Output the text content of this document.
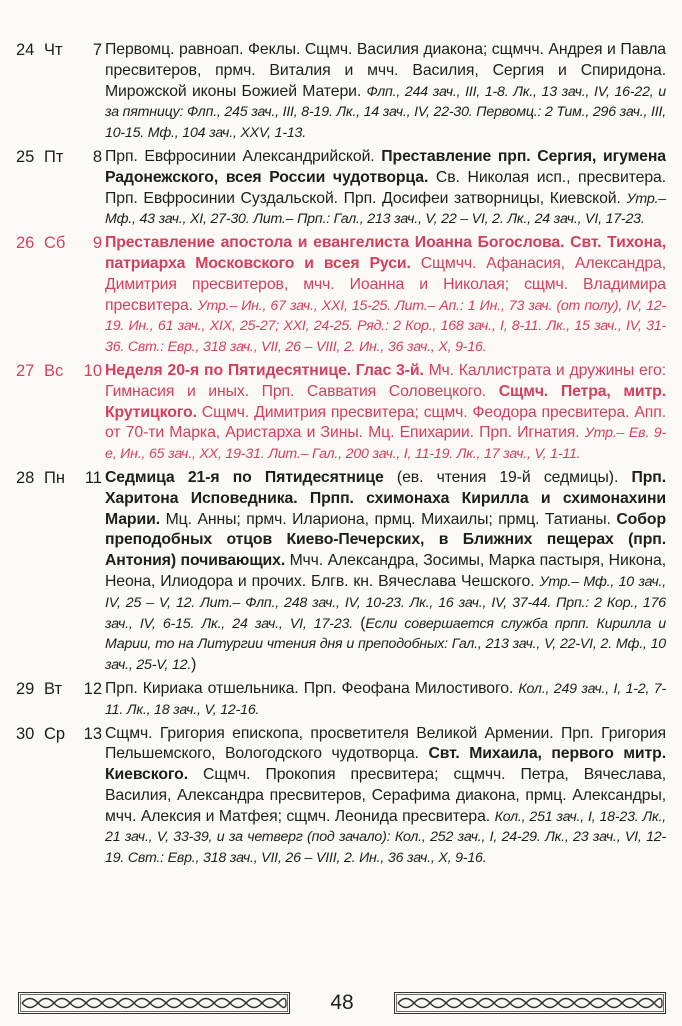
24 Чт	7 Первомц. равноап. Феклы. Сщмч. Василия диакона; сщмчч. Андрея и Павла пресвитеров, прмч. Виталия и мчч. Василия, Сергия и Спиридона. Мирожской иконы Божией Матери. Флп., 244 зач., III, 1-8. Лк., 13 зач., IV, 16-22, и за пятницу: Флп., 245 зач., III, 8-19. Лк., 14 зач., IV, 22-30. Первомц.: 2 Тим., 296 зач., III, 10-15. Мф., 104 зач., XXV, 1-13.
25 Пт	8 Прп. Евфросинии Александрийской. Преставление прп. Сергия, игумена Радонежского, всея России чудотворца. Св. Николая исп., пресвитера. Прп. Евфросинии Суздальской. Прп. Досифеи затворницы, Киевской. Утр.– Мф., 43 зач., XI, 27-30. Лит.– Прп.: Гал., 213 зач., V, 22 – VI, 2. Лк., 24 зач., VI, 17-23.
26 Сб	9 Преставление апостола и евангелиста Иоанна Богослова. Свт. Тихона, патриарха Московского и всея Руси. Сщмчч. Афанасия, Александра, Димитрия пресвитеров, мчч. Иоанна и Николая; сщмч. Владимира пресвитера. Утр.– Ин., 67 зач., XXI, 15-25. Лит.– Ап.: 1 Ин., 73 зач. (от полу), IV, 12-19. Ин., 61 зач., XIX, 25-27; XXI, 24-25. Ряд.: 2 Кор., 168 зач., I, 8-11. Лк., 15 зач., IV, 31-36. Свт.: Евр., 318 зач., VII, 26 – VIII, 2. Ин., 36 зач., X, 9-16.
27 Вс	10 Неделя 20-я по Пятидесятнице. Глас 3-й. Мч. Каллистрата и дружины его: Гимнасия и иных. Прп. Савватия Соловецкого. Сщмч. Петра, митр. Крутицкого. Сщмч. Димитрия пресвитера; сщмч. Феодора пресвитера. Апп. от 70-ти Марка, Аристарха и Зины. Мц. Епихарии. Прп. Игнатия. Утр.– Ев. 9-е, Ин., 65 зач., XX, 19-31. Лит.– Гал., 200 зач., I, 11-19. Лк., 17 зач., V, 1-11.
28 Пн	11 Седмица 21-я по Пятидесятнице (ев. чтения 19-й седмицы). Прп. Харитона Исповедника. Прпп. схимонаха Кирилла и схимонахини Марии. Мц. Анны; прмч. Илариона, прмц. Михаилы; прмц. Татианы. Собор преподобных отцов Киево-Печерских, в Ближних пещерах (прп. Антония) почивающих. Мчч. Александра, Зосимы, Марка пастыря, Никона, Неона, Илиодора и прочих. Блгв. кн. Вячеслава Чешского. Утр.– Мф., 10 зач., IV, 25 – V, 12. Лит.– Флп., 248 зач., IV, 10-23. Лк., 16 зач., IV, 37-44. Прп.: 2 Кор., 176 зач., IV, 6-15. Лк., 24 зач., VI, 17-23. (Если совершается служба прпп. Кирилла и Марии, то на Литургии чтения дня и преподобных: Гал., 213 зач., V, 22-VI, 2. Мф., 10 зач., 25-V, 12.)
29 Вт	12 Прп. Кириака отшельника. Прп. Феофана Милостивого. Кол., 249 зач., I, 1-2, 7-11. Лк., 18 зач., V, 12-16.
30 Ср	13 Сщмч. Григория епископа, просветителя Великой Армении. Прп. Григория Пельшемского, Вологодского чудотворца. Свт. Михаила, первого митр. Киевского. Сщмч. Прокопия пресвитера; сщмчч. Петра, Вячеслава, Василия, Александра пресвитеров, Серафима диакона, прмц. Александры, мчч. Алексия и Матфея; сщмч. Леонида пресвитера. Кол., 251 зач., I, 18-23. Лк., 21 зач., V, 33-39, и за четверг (под зачало): Кол., 252 зач., I, 24-29. Лк., 23 зач., VI, 12-19. Свт.: Евр., 318 зач., VII, 26 – VIII, 2. Ин., 36 зач., X, 9-16.
48
